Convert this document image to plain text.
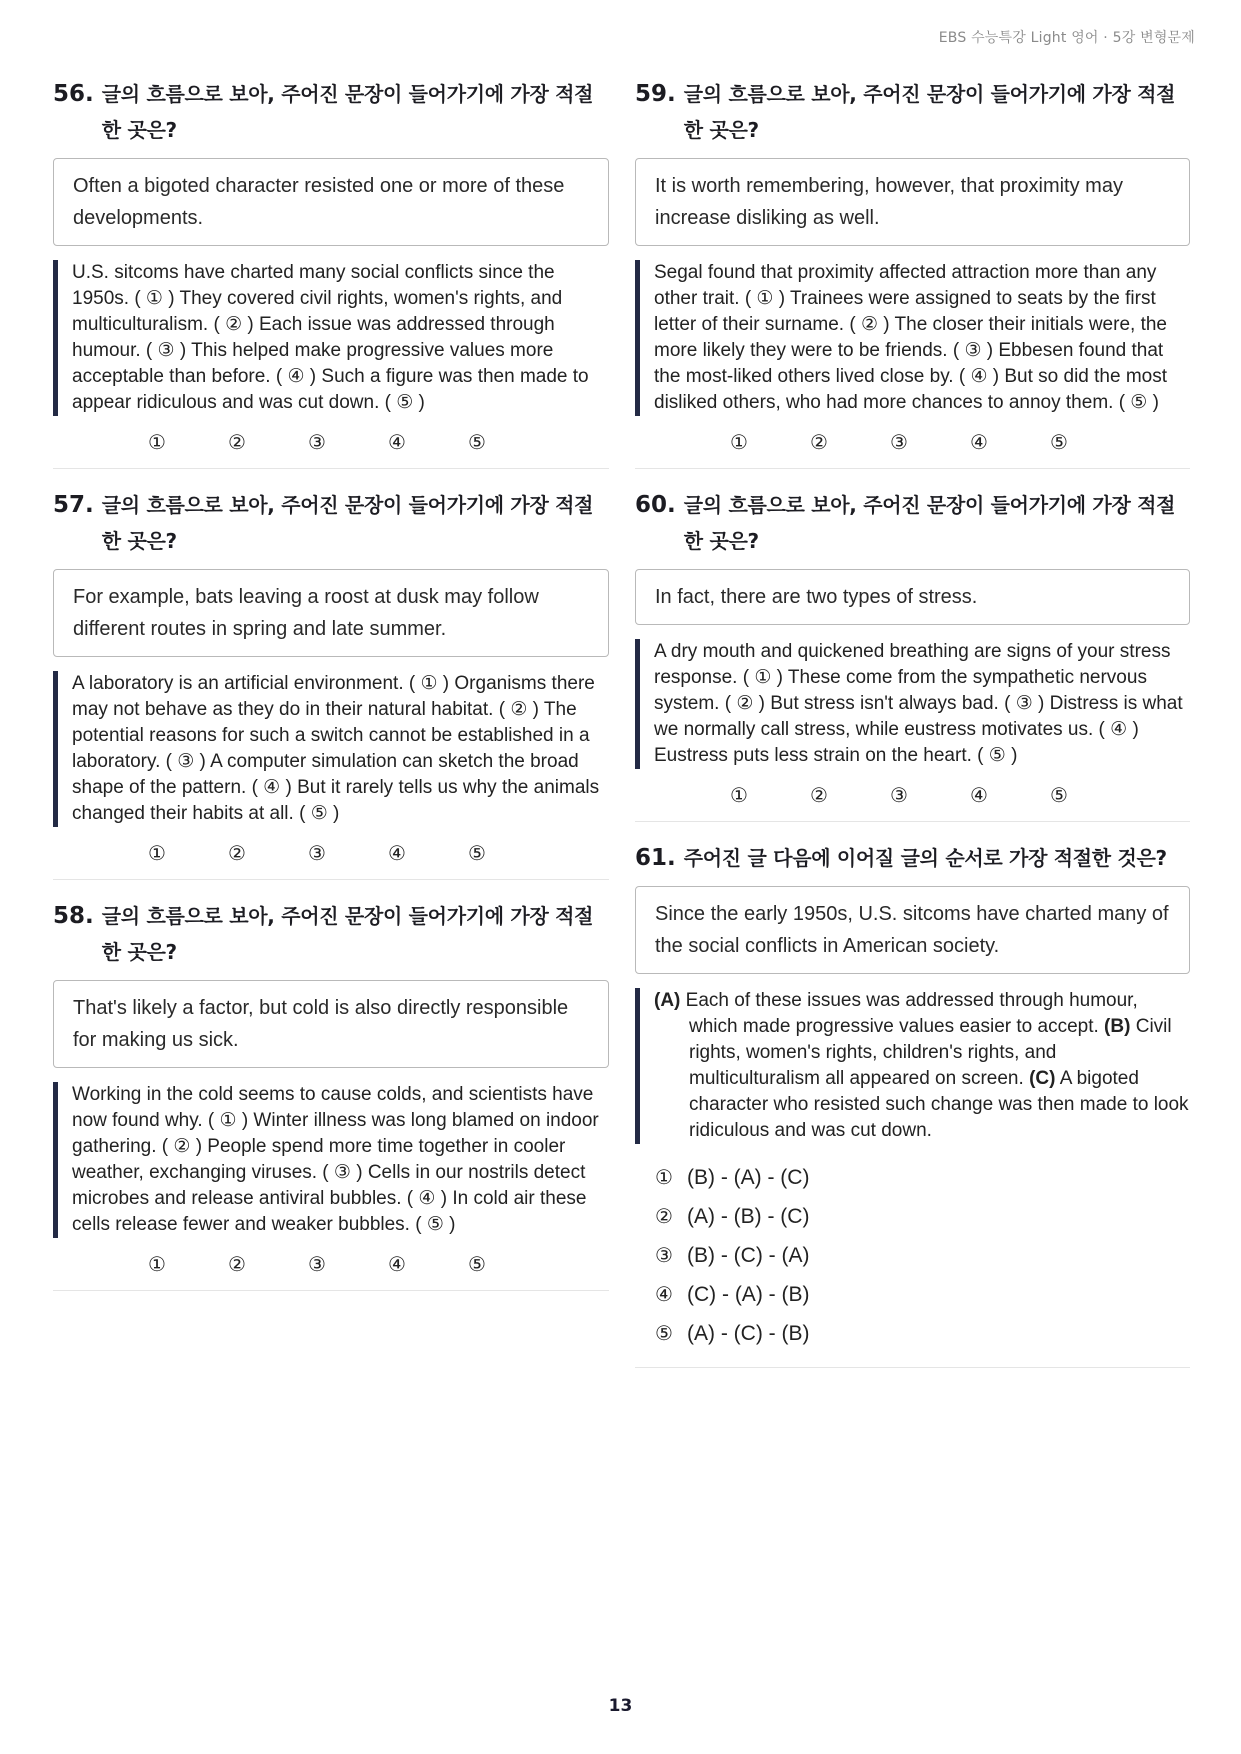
EBS 수능특강 Light 영어 · 5강 변형문제
56. 글의 흐름으로 보아, 주어진 문장이 들어가기에 가장 적절한 곳은?
Often a bigoted character resisted one or more of these developments.
U.S. sitcoms have charted many social conflicts since the 1950s. ( ① ) They covered civil rights, women's rights, and multiculturalism. ( ② ) Each issue was addressed through humour. ( ③ ) This helped make progressive values more acceptable than before. ( ④ ) Such a figure was then made to appear ridiculous and was cut down. ( ⑤ )
①	②	③	④	⑤
57. 글의 흐름으로 보아, 주어진 문장이 들어가기에 가장 적절한 곳은?
For example, bats leaving a roost at dusk may follow different routes in spring and late summer.
A laboratory is an artificial environment. ( ① ) Organisms there may not behave as they do in their natural habitat. ( ② ) The potential reasons for such a switch cannot be established in a laboratory. ( ③ ) A computer simulation can sketch the broad shape of the pattern. ( ④ ) But it rarely tells us why the animals changed their habits at all. ( ⑤ )
①	②	③	④	⑤
58. 글의 흐름으로 보아, 주어진 문장이 들어가기에 가장 적절한 곳은?
That's likely a factor, but cold is also directly responsible for making us sick.
Working in the cold seems to cause colds, and scientists have now found why. ( ① ) Winter illness was long blamed on indoor gathering. ( ② ) People spend more time together in cooler weather, exchanging viruses. ( ③ ) Cells in our nostrils detect microbes and release antiviral bubbles. ( ④ ) In cold air these cells release fewer and weaker bubbles. ( ⑤ )
①	②	③	④	⑤
59. 글의 흐름으로 보아, 주어진 문장이 들어가기에 가장 적절한 곳은?
It is worth remembering, however, that proximity may increase disliking as well.
Segal found that proximity affected attraction more than any other trait. ( ① ) Trainees were assigned to seats by the first letter of their surname. ( ② ) The closer their initials were, the more likely they were to be friends. ( ③ ) Ebbesen found that the most-liked others lived close by. ( ④ ) But so did the most disliked others, who had more chances to annoy them. ( ⑤ )
①	②	③	④	⑤
60. 글의 흐름으로 보아, 주어진 문장이 들어가기에 가장 적절한 곳은?
In fact, there are two types of stress.
A dry mouth and quickened breathing are signs of your stress response. ( ① ) These come from the sympathetic nervous system. ( ② ) But stress isn't always bad. ( ③ ) Distress is what we normally call stress, while eustress motivates us. ( ④ ) Eustress puts less strain on the heart. ( ⑤ )
①	②	③	④	⑤
61. 주어진 글 다음에 이어질 글의 순서로 가장 적절한 것은?
Since the early 1950s, U.S. sitcoms have charted many of the social conflicts in American society.
(A) Each of these issues was addressed through humour, which made progressive values easier to accept. (B) Civil rights, women's rights, children's rights, and multiculturalism all appeared on screen. (C) A bigoted character who resisted such change was then made to look ridiculous and was cut down.
① (B) - (A) - (C)
② (A) - (B) - (C)
③ (B) - (C) - (A)
④ (C) - (A) - (B)
⑤ (A) - (C) - (B)
13
